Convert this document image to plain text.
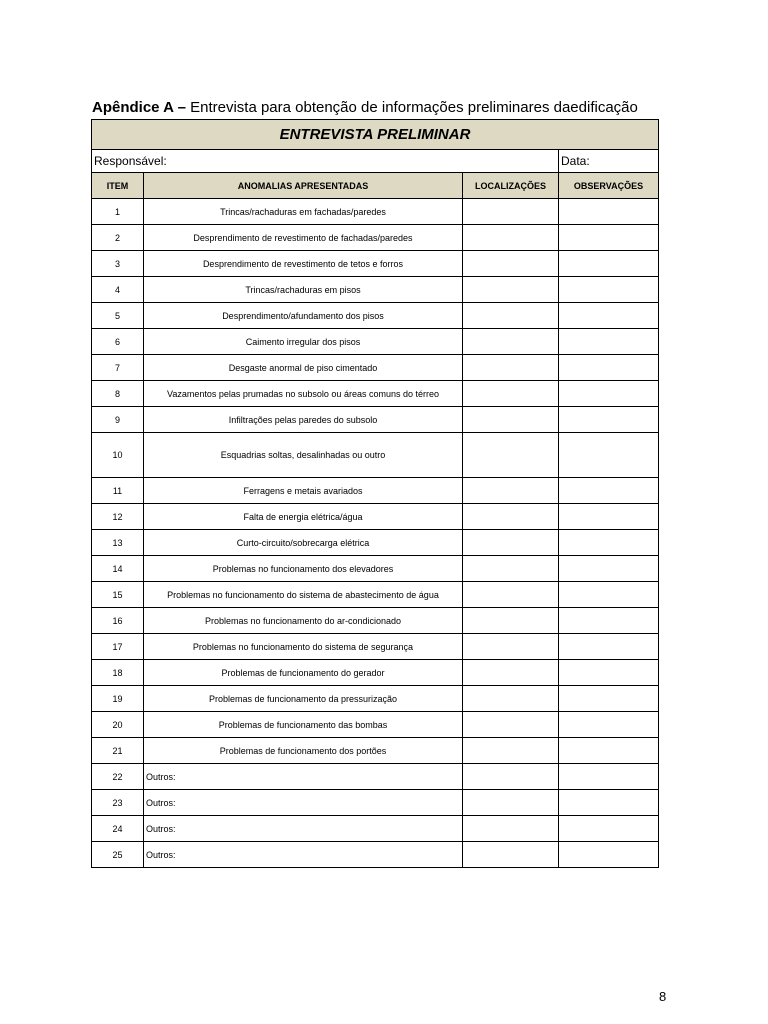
Apêndice A – Entrevista para obtenção de informações preliminares daedificação
ENTREVISTA PRELIMINAR			
Responsável:			Data:
ITEM	ANOMALIAS APRESENTADAS	LOCALIZAÇÕES	OBSERVAÇÕES
1	Trincas/rachaduras em fachadas/paredes		
2	Desprendimento de revestimento de fachadas/paredes		
3	Desprendimento de revestimento de tetos e forros		
4	Trincas/rachaduras em pisos		
5	Desprendimento/afundamento dos pisos		
6	Caimento irregular dos pisos		
7	Desgaste anormal de piso cimentado		
8	Vazamentos pelas prumadas no subsolo ou áreas comuns do térreo		
9	Infiltrações pelas paredes do subsolo		
10	Esquadrias soltas, desalinhadas ou outro		
11	Ferragens e metais avariados		
12	Falta de energia elétrica/água		
13	Curto-circuito/sobrecarga elétrica		
14	Problemas no funcionamento dos elevadores		
15	Problemas no funcionamento do sistema de abastecimento de água		
16	Problemas no funcionamento do ar-condicionado		
17	Problemas no funcionamento do sistema de segurança		
18	Problemas de funcionamento do gerador		
19	Problemas de funcionamento da pressurização		
20	Problemas de funcionamento das bombas		
21	Problemas de funcionamento dos portões		
22	Outros:		
23	Outros:		
24	Outros:		
25	Outros:		
8
